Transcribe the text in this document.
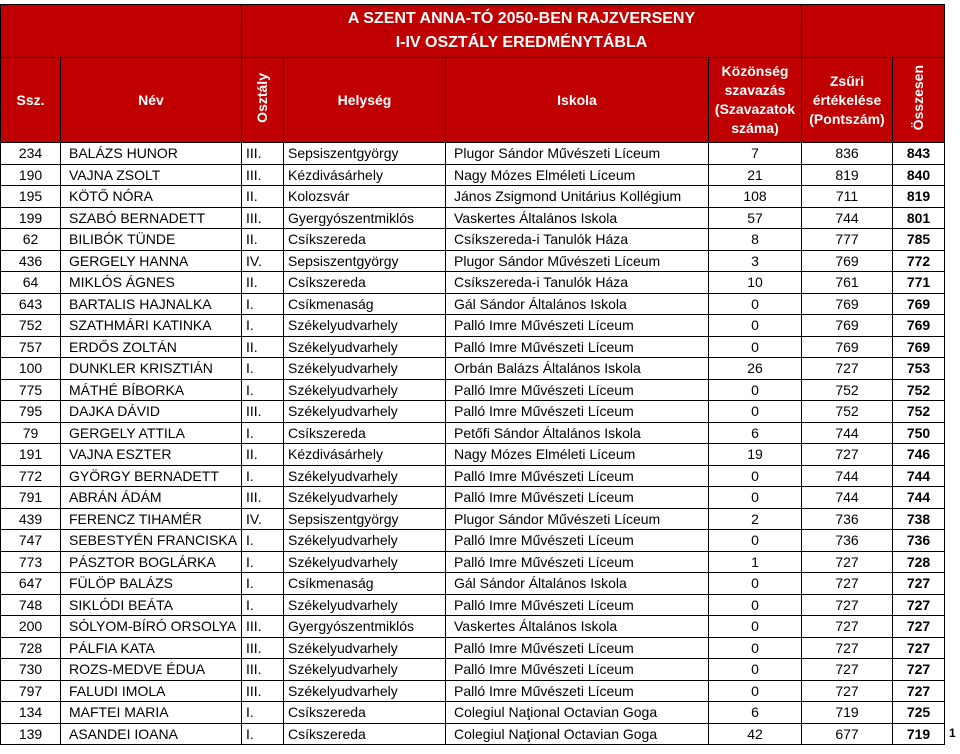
		A SZENT ANNA-TÓ 2050-BEN RAJZVERSENY
I-IV OSZTÁLY EREDMÉNYTÁBLA					

Ssz.	Név	Osztály	Helység	Iskola	Közönség szavazás (Szavazatok száma)	Zsűri értékelése (Pontszám)	Összesen
234	BALÁZS HUNOR	III.	Sepsiszentgyörgy	Plugor Sándor Művészeti Líceum	7	836	843
190	VAJNA ZSOLT	III.	Kézdivásárhely	Nagy Mózes Elméleti Líceum	21	819	840
195	KÖTŐ NÓRA	II.	Kolozsvár	János Zsigmond Unitárius Kollégium	108	711	819
199	SZABÓ BERNADETT	III.	Gyergyószentmiklós	Vaskertes Általános Iskola	57	744	801
62	BILIBÓK TÜNDE	II.	Csíkszereda	Csíkszereda-i Tanulók Háza	8	777	785
436	GERGELY HANNA	IV.	Sepsiszentgyörgy	Plugor Sándor Művészeti Líceum	3	769	772
64	MIKLÓS ÁGNES	II.	Csíkszereda	Csíkszereda-i Tanulók Háza	10	761	771
643	BARTALIS HAJNALKA	I.	Csíkmenaság	Gál Sándor Általános Iskola	0	769	769
752	SZATHMÁRI KATINKA	I.	Székelyudvarhely	Palló Imre Művészeti Líceum	0	769	769
757	ERDŐS ZOLTÁN	II.	Székelyudvarhely	Palló Imre Művészeti Líceum	0	769	769
100	DUNKLER KRISZTIÁN	I.	Székelyudvarhely	Orbán Balázs Általános Iskola	26	727	753
775	MÁTHÉ BÍBORKA	I.	Székelyudvarhely	Palló Imre Művészeti Líceum	0	752	752
795	DAJKA DÁVID	III.	Székelyudvarhely	Palló Imre Művészeti Líceum	0	752	752
79	GERGELY ATTILA	I.	Csíkszereda	Petőfi Sándor Általános Iskola	6	744	750
191	VAJNA ESZTER	II.	Kézdivásárhely	Nagy Mózes Elméleti Líceum	19	727	746
772	GYÖRGY BERNADETT	I.	Székelyudvarhely	Palló Imre Művészeti Líceum	0	744	744
791	ABRÁN ÁDÁM	III.	Székelyudvarhely	Palló Imre Művészeti Líceum	0	744	744
439	FERENCZ TIHAMÉR	IV.	Sepsiszentgyörgy	Plugor Sándor Művészeti Líceum	2	736	738
747	SEBESTYÉN FRANCISKA	I.	Székelyudvarhely	Palló Imre Művészeti Líceum	0	736	736
773	PÁSZTOR BOGLÁRKA	I.	Székelyudvarhely	Palló Imre Művészeti Líceum	1	727	728
647	FÜLÖP BALÁZS	I.	Csíkmenaság	Gál Sándor Általános Iskola	0	727	727
748	SIKLÓDI BEÁTA	I.	Székelyudvarhely	Palló Imre Művészeti Líceum	0	727	727
200	SÓLYOM-BÍRÓ ORSOLYA	III.	Gyergyószentmiklós	Vaskertes Általános Iskola	0	727	727
728	PÁLFIA KATA	III.	Székelyudvarhely	Palló Imre Művészeti Líceum	0	727	727
730	ROZS-MEDVE ÉDUA	III.	Székelyudvarhely	Palló Imre Művészeti Líceum	0	727	727
797	FALUDI IMOLA	III.	Székelyudvarhely	Palló Imre Művészeti Líceum	0	727	727
134	MAFTEI MARIA	I.	Csíkszereda	Colegiul Naţional Octavian Goga	6	719	725
139	ASANDEI IOANA	I.	Csíkszereda	Colegiul Naţional Octavian Goga	42	677	719 1
